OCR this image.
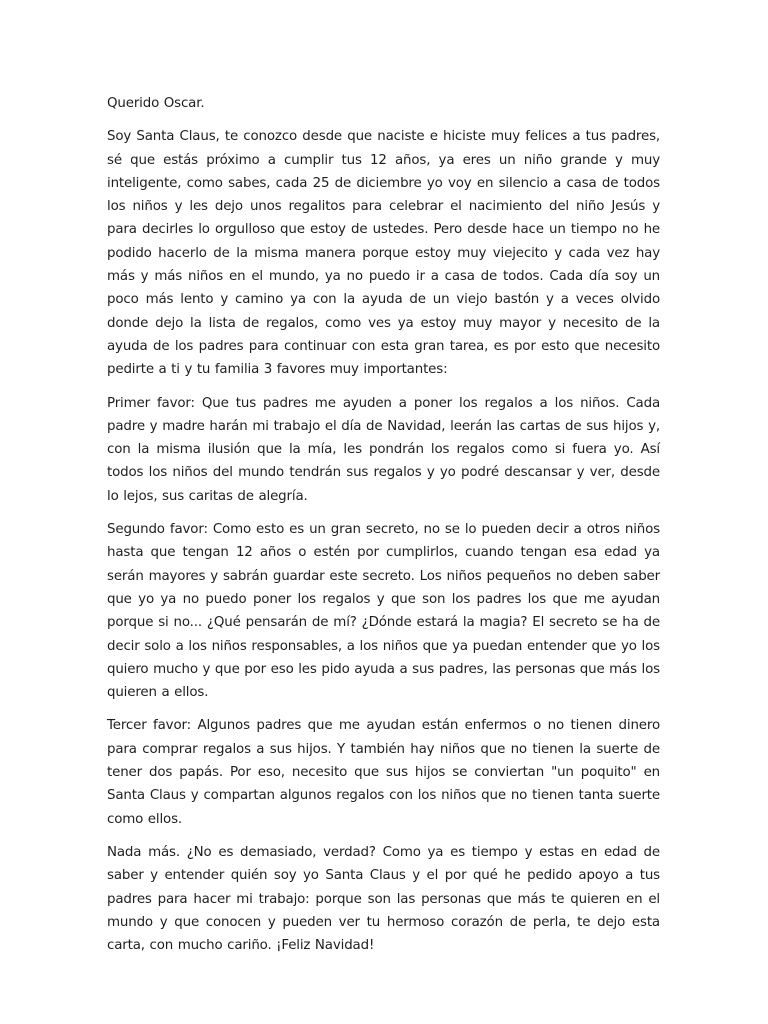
Querido Oscar.

Soy Santa Claus, te conozco desde que naciste e hiciste muy felices a tus padres, sé que estás próximo a cumplir tus 12 años, ya eres un niño grande y muy inteligente, como sabes, cada 25 de diciembre yo voy en silencio a casa de todos los niños y les dejo unos regalitos para celebrar el nacimiento del niño Jesús y para decirles lo orgulloso que estoy de ustedes. Pero desde hace un tiempo no he podido hacerlo de la misma manera porque estoy muy viejecito y cada vez hay más y más niños en el mundo, ya no puedo ir a casa de todos. Cada día soy un poco más lento y camino ya con la ayuda de un viejo bastón y a veces olvido donde dejo la lista de regalos, como ves ya estoy muy mayor y necesito de la ayuda de los padres para continuar con esta gran tarea, es por esto que necesito pedirte a ti y tu familia 3 favores muy importantes:

Primer favor: Que tus padres me ayuden a poner los regalos a los niños. Cada padre y madre harán mi trabajo el día de Navidad, leerán las cartas de sus hijos y, con la misma ilusión que la mía, les pondrán los regalos como si fuera yo. Así todos los niños del mundo tendrán sus regalos y yo podré descansar y ver, desde lo lejos, sus caritas de alegría.

Segundo favor: Como esto es un gran secreto, no se lo pueden decir a otros niños hasta que tengan 12 años o estén por cumplirlos, cuando tengan esa edad ya serán mayores y sabrán guardar este secreto. Los niños pequeños no deben saber que yo ya no puedo poner los regalos y que son los padres los que me ayudan porque si no... ¿Qué pensarán de mí? ¿Dónde estará la magia? El secreto se ha de decir solo a los niños responsables, a los niños que ya puedan entender que yo los quiero mucho y que por eso les pido ayuda a sus padres, las personas que más los quieren a ellos.

Tercer favor: Algunos padres que me ayudan están enfermos o no tienen dinero para comprar regalos a sus hijos. Y también hay niños que no tienen la suerte de tener dos papás. Por eso, necesito que sus hijos se conviertan "un poquito" en Santa Claus y compartan algunos regalos con los niños que no tienen tanta suerte como ellos.

Nada más. ¿No es demasiado, verdad? Como ya es tiempo y estas en edad de saber y entender quién soy yo Santa Claus y el por qué he pedido apoyo a tus padres para hacer mi trabajo: porque son las personas que más te quieren en el mundo y que conocen y pueden ver tu hermoso corazón de perla, te dejo esta carta, con mucho cariño. ¡Feliz Navidad!
